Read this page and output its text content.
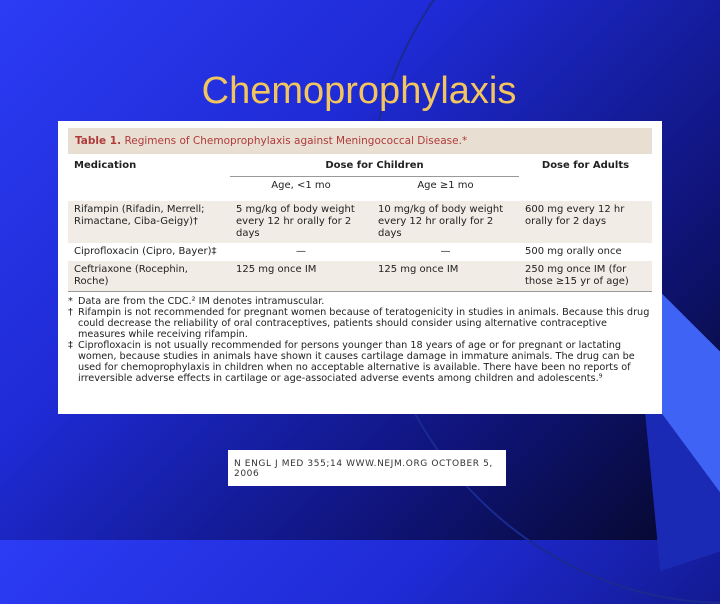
Chemoprophylaxis
Table 1. Regimens of Chemoprophylaxis against Meningococcal Disease.*
Medication	Dose for Children		Dose for Adults
	Age, <1 mo	Age ≥1 mo	
Rifampin (Rifadin, Merrell; Rimactane, Ciba-Geigy)†	5 mg/kg of body weight every 12 hr orally for 2 days	10 mg/kg of body weight every 12 hr orally for 2 days	600 mg every 12 hr orally for 2 days
Ciprofloxacin (Cipro, Bayer)‡	—	—	500 mg orally once
Ceftriaxone (Rocephin, Roche)	125 mg once IM	125 mg once IM	250 mg once IM (for those ≥15 yr of age)
* Data are from the CDC.² IM denotes intramuscular.
† Rifampin is not recommended for pregnant women because of teratogenicity in studies in animals. Because this drug could decrease the reliability of oral contraceptives, patients should consider using alternative contraceptive measures while receiving rifampin.
‡ Ciprofloxacin is not usually recommended for persons younger than 18 years of age or for pregnant or lactating women, because studies in animals have shown it causes cartilage damage in immature animals. The drug can be used for chemoprophylaxis in children when no acceptable alternative is available. There have been no reports of irreversible adverse effects in cartilage or age-associated adverse events among children and adolescents.⁹
N ENGL J MED 355;14 WWW.NEJM.ORG OCTOBER 5, 2006
